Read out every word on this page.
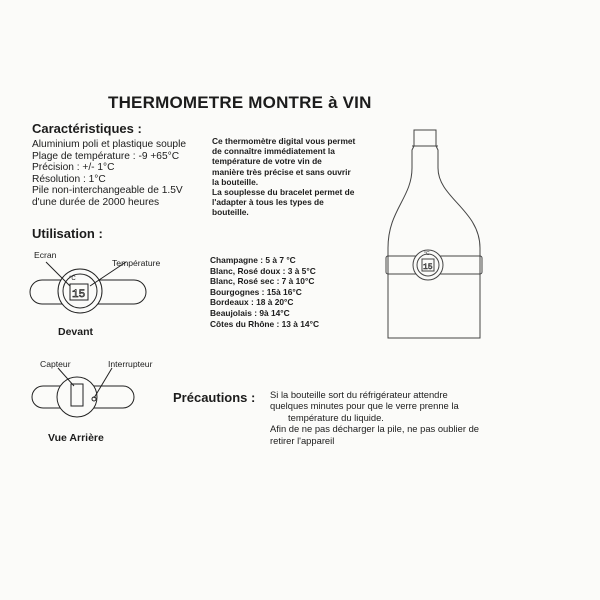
THERMOMETRE MONTRE à VIN
Caractéristiques :
Aluminium poli et plastique souple
Plage de température : -9 +65°C
Précision : +/- 1°C
Résolution : 1°C
Pile non-interchangeable de 1.5V
d'une durée de 2000 heures
Ce thermomètre digital vous permet
de connaître immédiatement la
température de votre vin de
manière très précise et sans ouvrir
la bouteille.
La souplesse du bracelet permet de
l'adapter à tous les types de
bouteille.
Utilisation :
Ecran
Température
°C
15
Devant
Capteur	Interrupteur
Vue Arrière
Champagne : 5 à 7 °C
Blanc, Rosé doux : 3 à 5°C
Blanc, Rosé sec : 7 à 10°C
Bourgognes : 15à 16°C
Bordeaux : 18 à 20°C
Beaujolais : 9à 14°C
Côtes du Rhône : 13 à 14°C
°C
15
Précautions : Si la bouteille sort du réfrigérateur attendre
quelques minutes pour que le verre prenne la
température du liquide.
Afin de ne pas décharger la pile, ne pas oublier de
retirer l'appareil
